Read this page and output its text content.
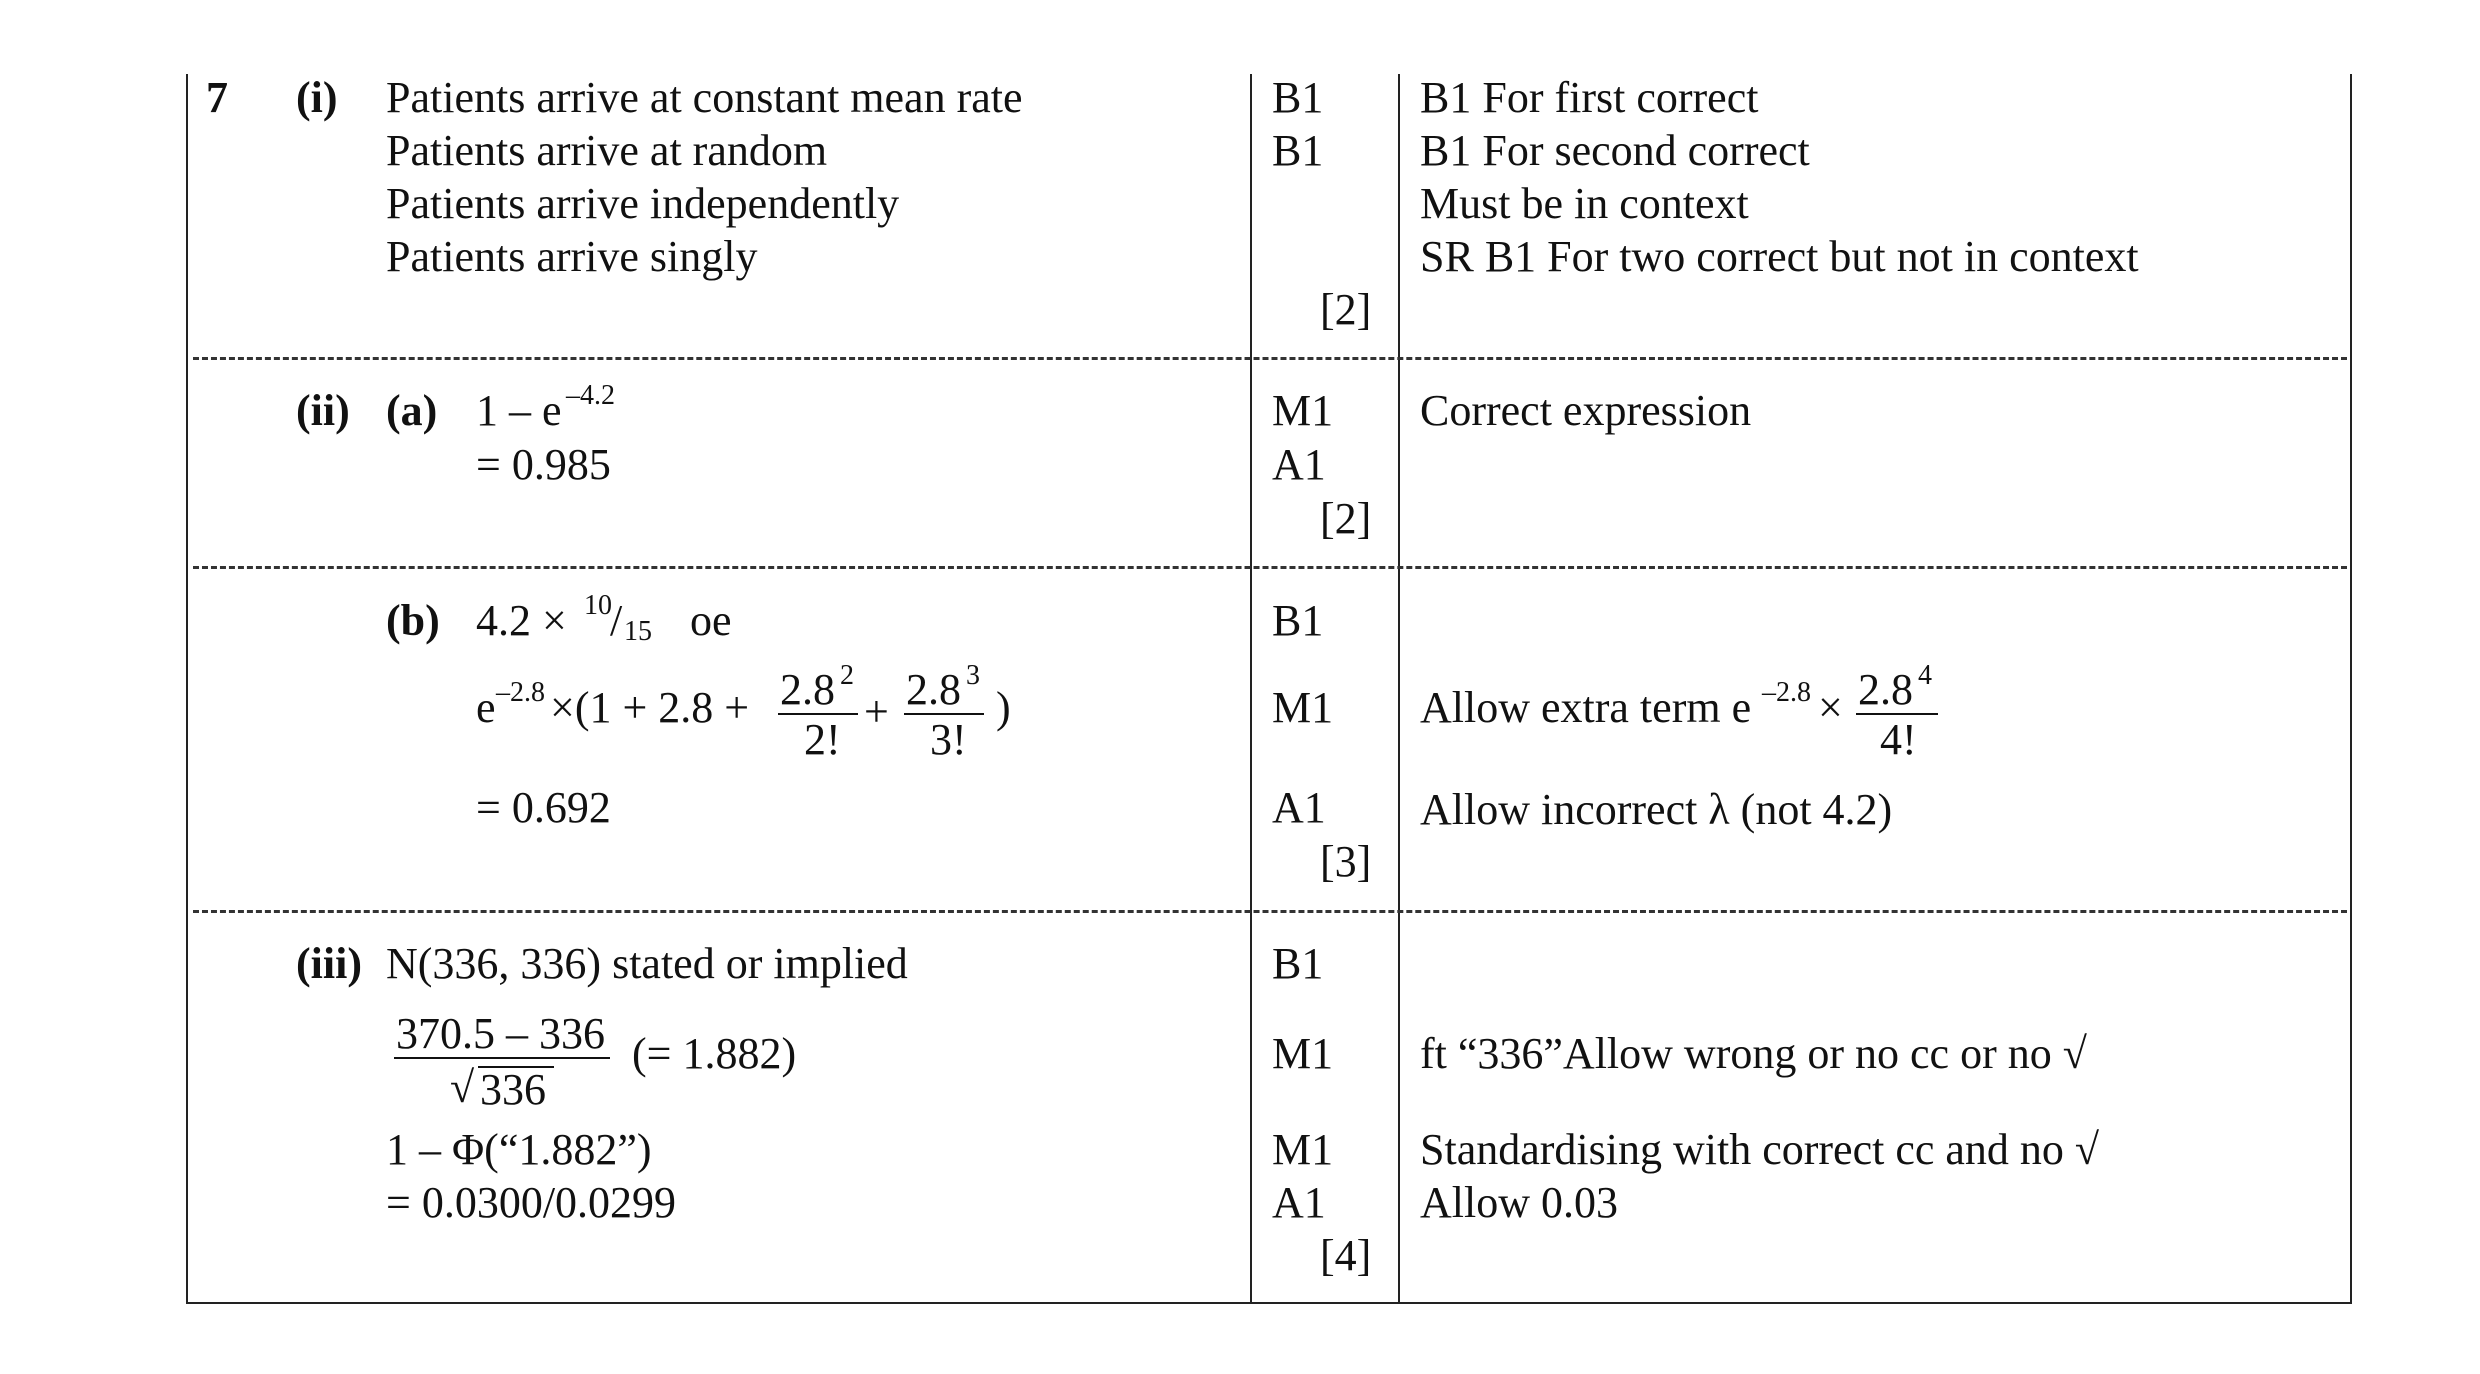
7 (i) Patients arrive at constant mean rate
Patients arrive at random
Patients arrive independently
Patients arrive singly
B1
B1
[2]
B1 For first correct
B1 For second correct
Must be in context
SR B1 For two correct but not in context
(ii) (a) 1 – e –4.2
= 0.985
M1
A1
[2]
Correct expression
(b) 4.2 × 10
/ 15 oe
e –2.8 ×(1 + 2.8 + 2.8 2
2!
+ 2.8 3
3!
)
= 0.692
B1
M1
A1
[3]
Allow extra term e –2.8 × 2.8 4
4!
Allow incorrect λ (not 4.2)
(iii) N(336, 336) stated or implied
370.5 – 336
√ 336
(= 1.882)
1 – Φ(“1.882”)
= 0.0300/0.0299
B1
M1
M1
A1
[4]
ft “336”Allow wrong or no cc or no √
Standardising with correct cc and no √
Allow 0.03
